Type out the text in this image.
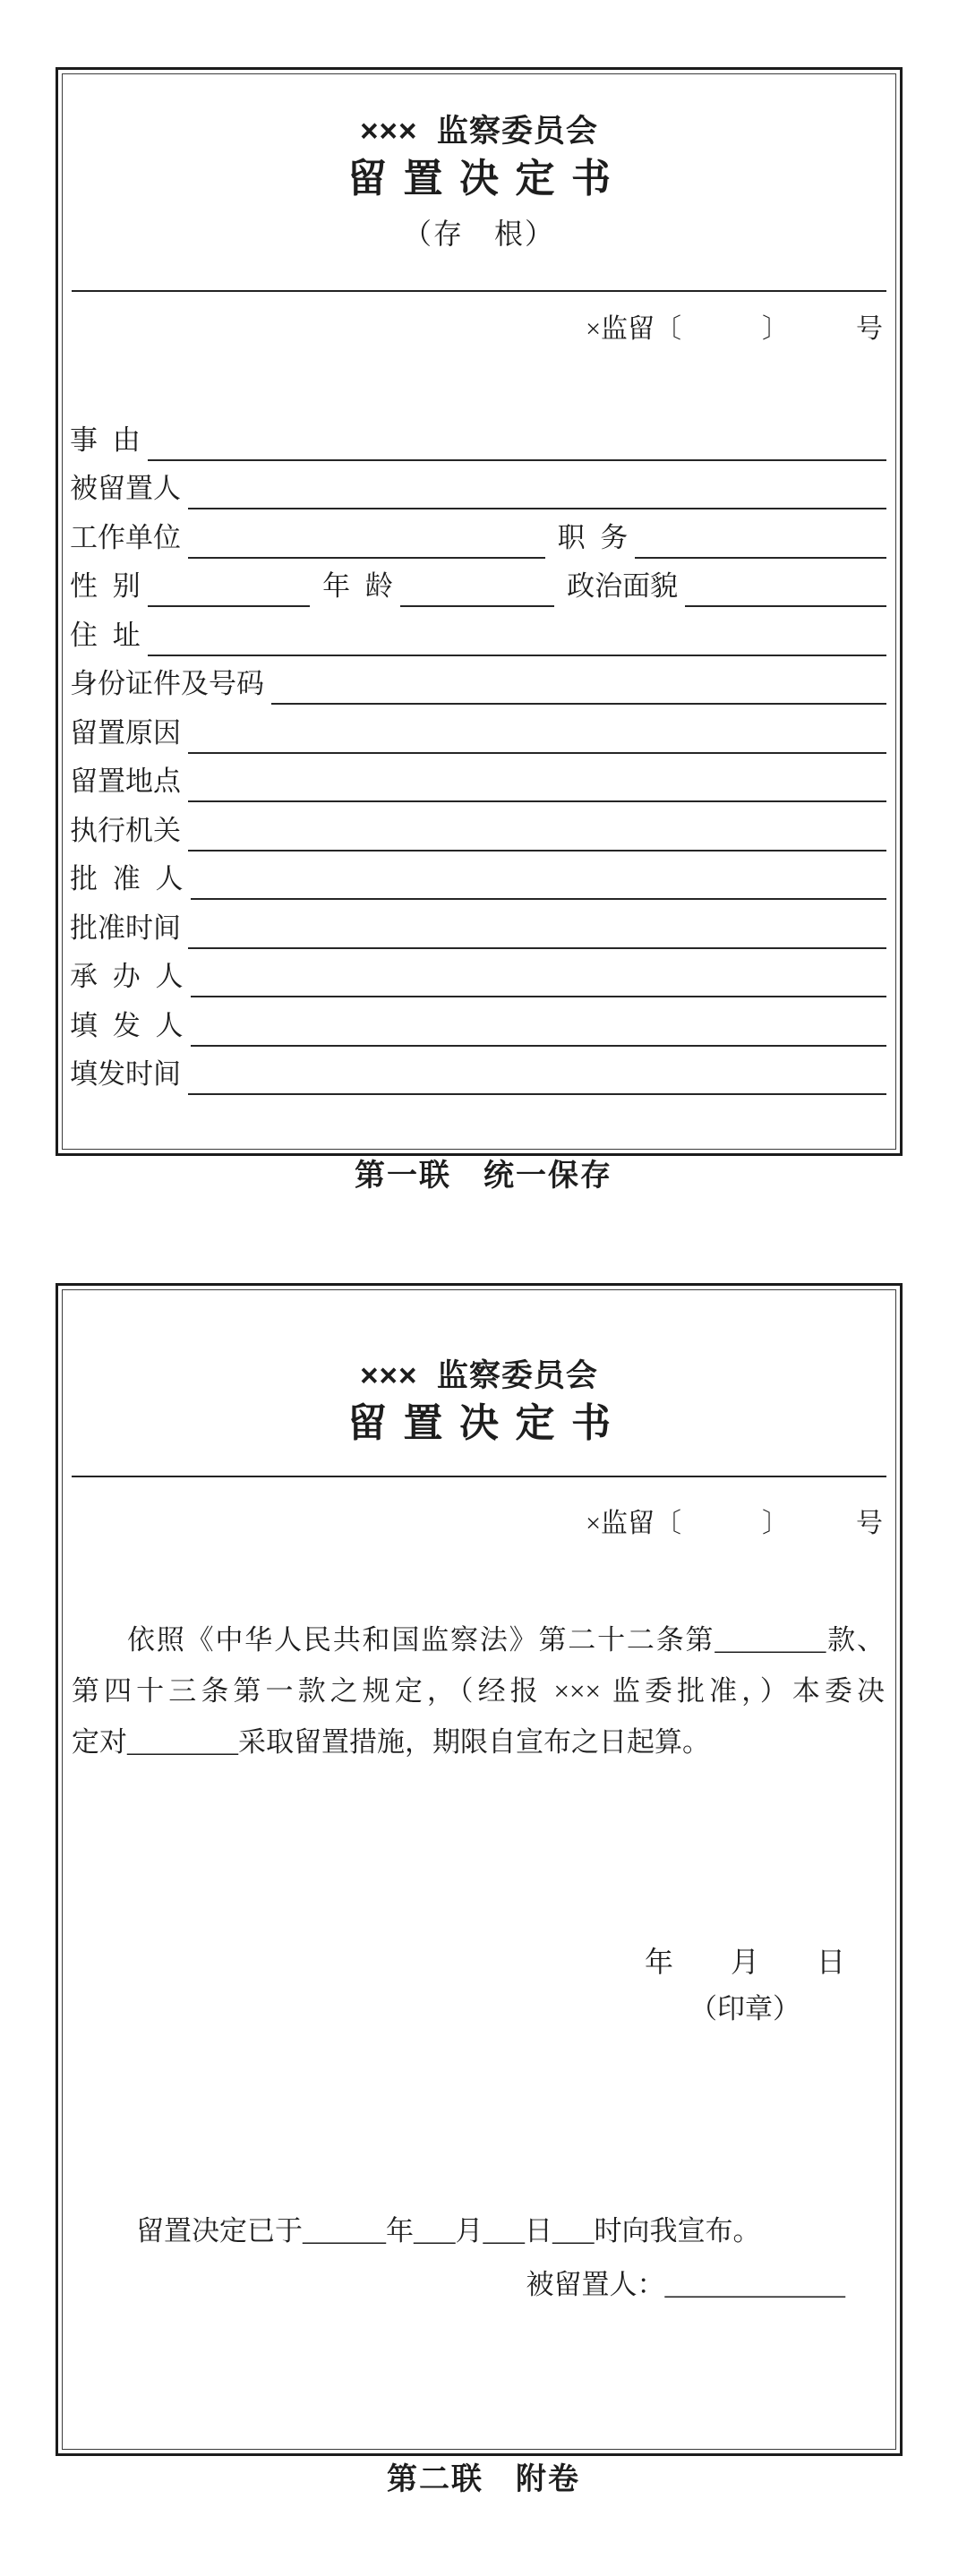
×××  监察委员会
留置决定书
（存　根）
×监留〔　　　〕　　　号
事 由
被留置人
工作单位	职 务
性 别	年 龄	政治面貌
住 址
身份证件及号码
留置原因
留置地点
执行机关
批 准 人
批准时间
承 办 人
填 发 人
填发时间
第一联　统一保存
×××  监察委员会
留置决定书
×监留〔　　　〕　　　号
依照《中华人民共和国监察法》第二十二条第________款、
第四十三条第一款之规定，（经报 ××× 监委批准，）本委决
定对________采取留置措施，期限自宣布之日起算。
年　　月　　日
（印章）
留置决定已于______年___月___日___时向我宣布。
被留置人：_____________
第二联　附卷
